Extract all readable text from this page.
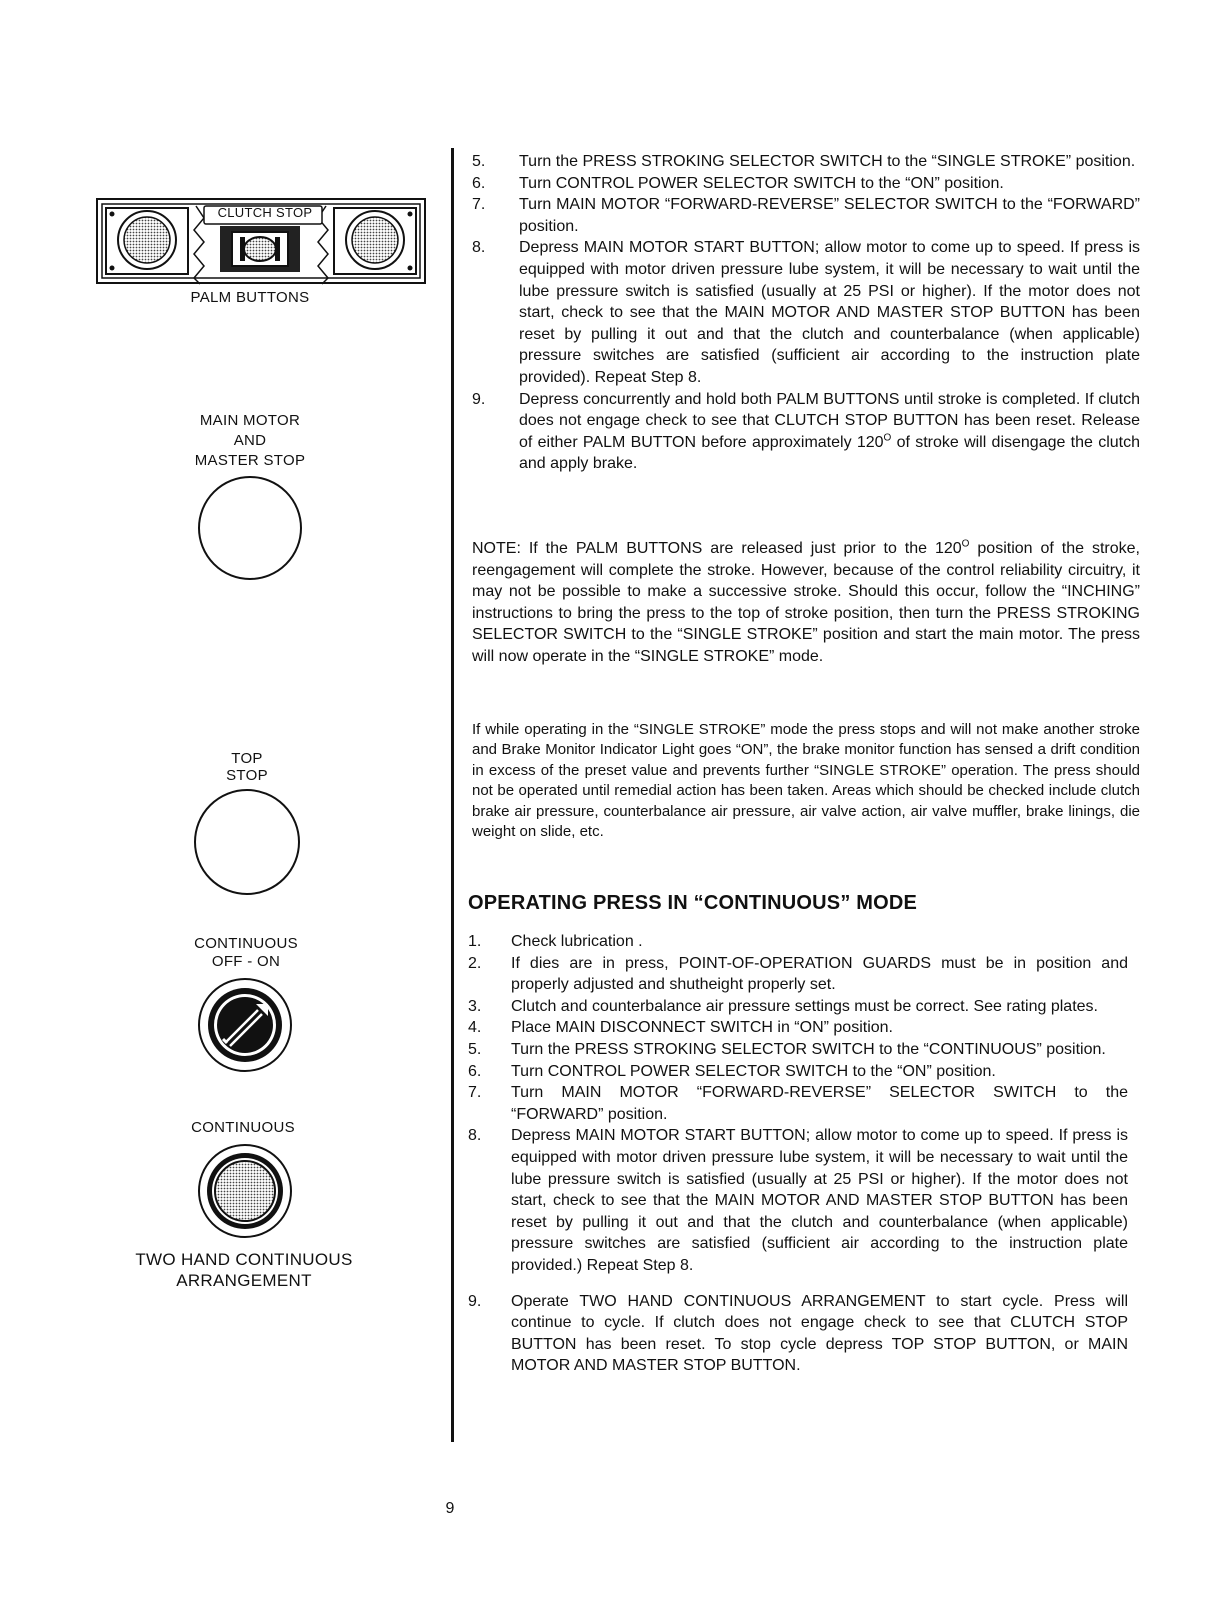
CLUTCH STOP
PALM BUTTONS
MAIN MOTOR
AND
MASTER STOP
TOP
STOP
CONTINUOUS
OFF - ON
CONTINUOUS
TWO HAND CONTINUOUS
ARRANGEMENT
5. Turn the PRESS STROKING SELECTOR SWITCH to the “SINGLE STROKE” position.
6. Turn CONTROL POWER SELECTOR SWITCH to the “ON” position.
7. Turn MAIN MOTOR “FORWARD-REVERSE” SELECTOR SWITCH to the “FORWARD” position.
8. Depress MAIN MOTOR START BUTTON; allow motor to come up to speed. If press is equipped with motor driven pressure lube system, it will be necessary to wait until the lube pressure switch is satisfied (usually at 25 PSI or higher). If the motor does not start, check to see that the MAIN MOTOR AND MASTER STOP BUTTON has been reset by pulling it out and that the clutch and counterbalance (when applicable) pressure switches are satisfied (sufficient air according to the instruction plate provided). Repeat Step 8.
9. Depress concurrently and hold both PALM BUTTONS until stroke is completed. If clutch does not engage check to see that CLUTCH STOP BUTTON has been reset. Release of either PALM BUTTON before approximately $120^O$ of stroke will disengage the clutch and apply brake.
NOTE: If the PALM BUTTONS are released just prior to the $120^O$ position of the stroke, reengagement will complete the stroke. However, because of the control reliability circuitry, it may not be possible to make a successive stroke. Should this occur, follow the “INCHING” instructions to bring the press to the top of stroke position, then turn the PRESS STROKING SELECTOR SWITCH to the “SINGLE STROKE” position and start the main motor. The press will now operate in the “SINGLE STROKE” mode.
If while operating in the “SINGLE STROKE” mode the press stops and will not make another stroke and Brake Monitor Indicator Light goes “ON”, the brake monitor function has sensed a drift condition in excess of the preset value and prevents further “SINGLE STROKE” operation. The press should not be operated until remedial action has been taken. Areas which should be checked include clutch brake air pressure, counterbalance air pressure, air valve action, air valve muffler, brake linings, die weight on slide, etc.
OPERATING PRESS IN “CONTINUOUS” MODE
1. Check lubrication .
2. If dies are in press, POINT-OF-OPERATION GUARDS must be in position and properly adjusted and shutheight properly set.
3. Clutch and counterbalance air pressure settings must be correct. See rating plates.
4. Place MAIN DISCONNECT SWITCH in “ON” position.
5. Turn the PRESS STROKING SELECTOR SWITCH to the “CONTINUOUS” position.
6. Turn CONTROL POWER SELECTOR SWITCH to the “ON” position.
7. Turn MAIN MOTOR “FORWARD-REVERSE” SELECTOR SWITCH to the “FORWARD” position.
8. Depress MAIN MOTOR START BUTTON; allow motor to come up to speed. If press is equipped with motor driven pressure lube system, it will be necessary to wait until the lube pressure switch is satisfied (usually at 25 PSI or higher). If the motor does not start, check to see that the MAIN MOTOR AND MASTER STOP BUTTON has been reset by pulling it out and that the clutch and counterbalance (when applicable) pressure switches are satisfied (sufficient air according to the instruction plate provided.) Repeat Step 8.
9. Operate TWO HAND CONTINUOUS ARRANGEMENT to start cycle. Press will continue to cycle. If clutch does not engage check to see that CLUTCH STOP BUTTON has been reset. To stop cycle depress TOP STOP BUTTON, or MAIN MOTOR AND MASTER STOP BUTTON.
9
